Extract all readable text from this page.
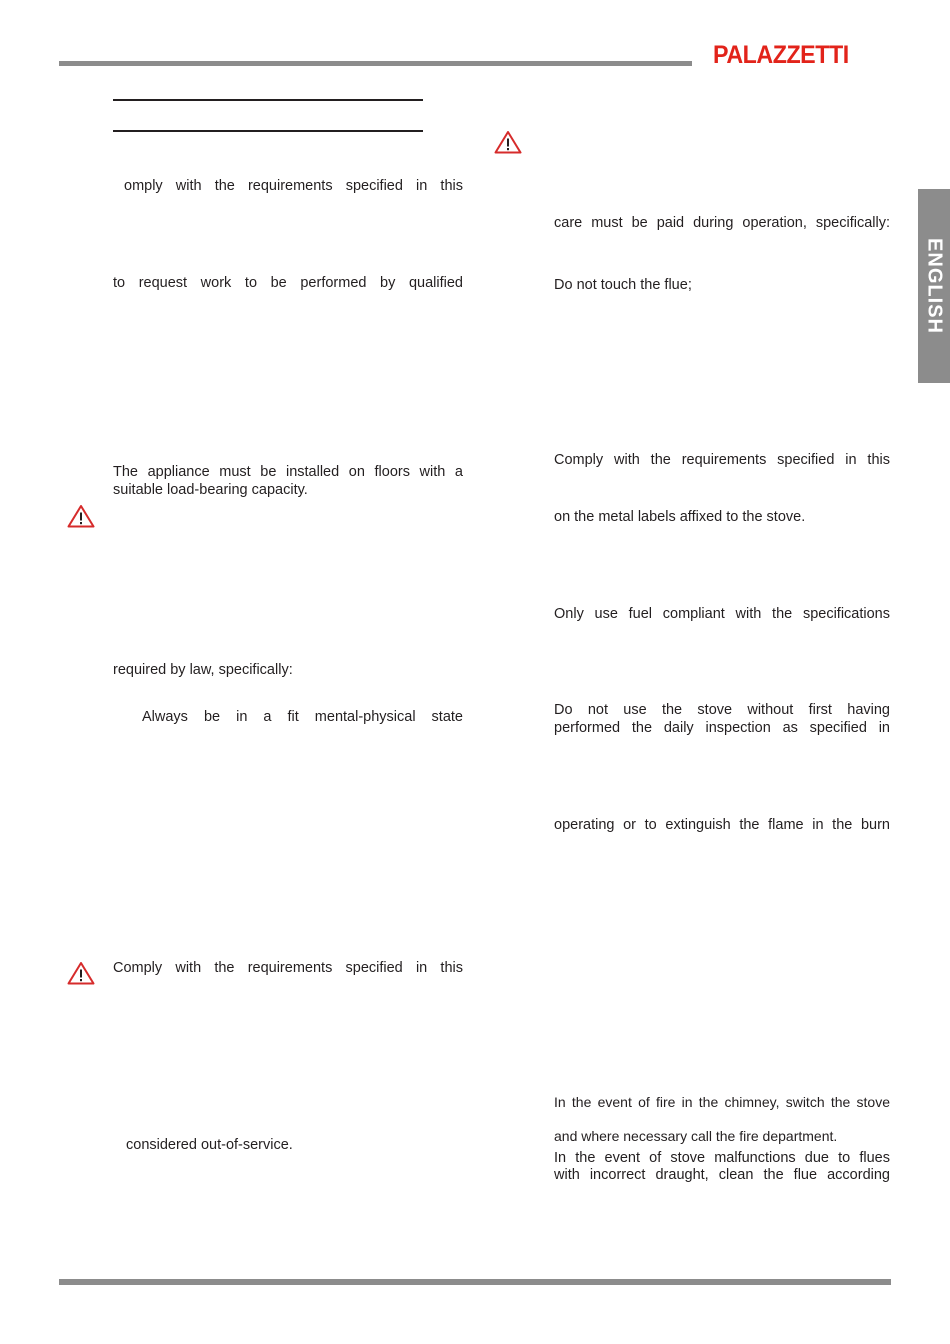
PALAZZETTI
ENGLISH

omply with the requirements specified in this

to request work to be performed by qualified

The appliance must be installed on floors with a

suitable load-bearing capacity.

required by law, specifically:

Always be in a fit mental-physical state

Comply with the requirements specified in this

considered out-of-service.

care must be paid during operation, specifically:

Do not touch the flue;

Comply with the requirements specified in this

on the metal labels affixed to the stove.

Only use fuel compliant with the specifications

Do not use the stove without first having

performed the daily inspection as specified in

operating or to extinguish the flame in the burn

In the event of fire in the chimney, switch the stove

and where necessary call the fire department.

In the event of stove malfunctions due to flues

with incorrect draught, clean the flue according
